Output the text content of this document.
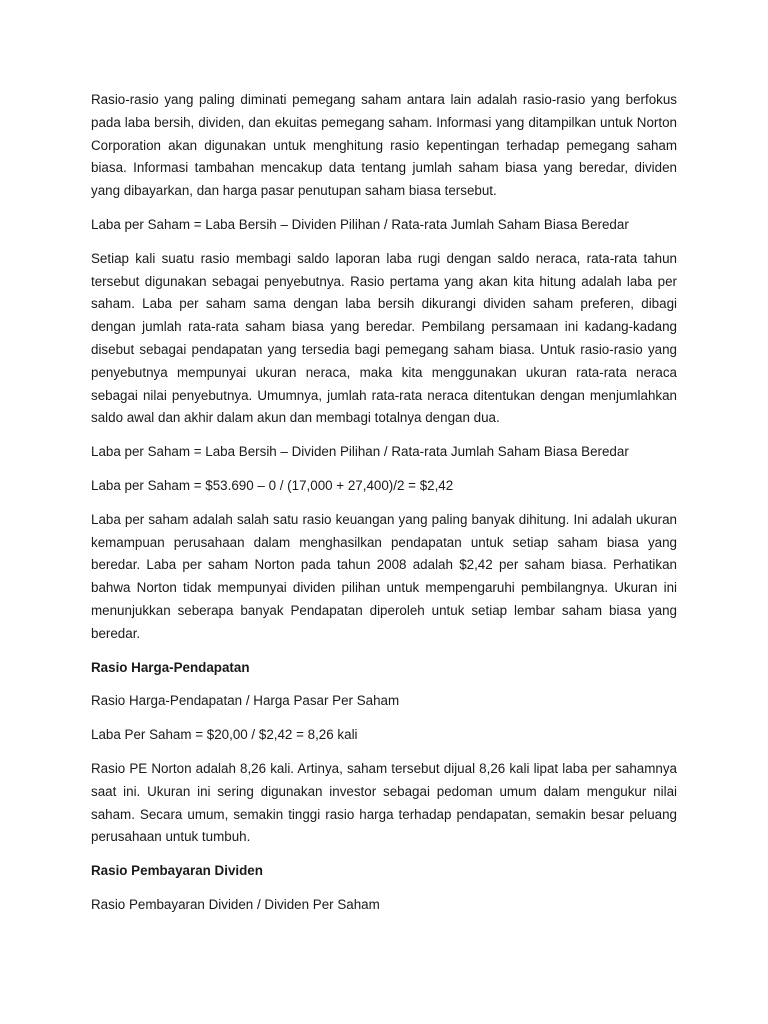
Rasio-rasio yang paling diminati pemegang saham antara lain adalah rasio-rasio yang berfokus pada laba bersih, dividen, dan ekuitas pemegang saham. Informasi yang ditampilkan untuk Norton Corporation akan digunakan untuk menghitung rasio kepentingan terhadap pemegang saham biasa. Informasi tambahan mencakup data tentang jumlah saham biasa yang beredar, dividen yang dibayarkan, dan harga pasar penutupan saham biasa tersebut.

Laba per Saham = Laba Bersih – Dividen Pilihan / Rata-rata Jumlah Saham Biasa Beredar

Setiap kali suatu rasio membagi saldo laporan laba rugi dengan saldo neraca, rata-rata tahun tersebut digunakan sebagai penyebutnya. Rasio pertama yang akan kita hitung adalah laba per saham. Laba per saham sama dengan laba bersih dikurangi dividen saham preferen, dibagi dengan jumlah rata-rata saham biasa yang beredar. Pembilang persamaan ini kadang-kadang disebut sebagai pendapatan yang tersedia bagi pemegang saham biasa. Untuk rasio-rasio yang penyebutnya mempunyai ukuran neraca, maka kita menggunakan ukuran rata-rata neraca sebagai nilai penyebutnya. Umumnya, jumlah rata-rata neraca ditentukan dengan menjumlahkan saldo awal dan akhir dalam akun dan membagi totalnya dengan dua.

Laba per Saham = Laba Bersih – Dividen Pilihan / Rata-rata Jumlah Saham Biasa Beredar

Laba per Saham = $53.690 – 0 / (17,000 + 27,400)/2 = $2,42

Laba per saham adalah salah satu rasio keuangan yang paling banyak dihitung. Ini adalah ukuran kemampuan perusahaan dalam menghasilkan pendapatan untuk setiap saham biasa yang beredar. Laba per saham Norton pada tahun 2008 adalah $2,42 per saham biasa. Perhatikan bahwa Norton tidak mempunyai dividen pilihan untuk mempengaruhi pembilangnya. Ukuran ini menunjukkan seberapa banyak Pendapatan diperoleh untuk setiap lembar saham biasa yang beredar.

Rasio Harga-Pendapatan

Rasio Harga-Pendapatan / Harga Pasar Per Saham

Laba Per Saham = $20,00 / $2,42 = 8,26 kali

Rasio PE Norton adalah 8,26 kali. Artinya, saham tersebut dijual 8,26 kali lipat laba per sahamnya saat ini. Ukuran ini sering digunakan investor sebagai pedoman umum dalam mengukur nilai saham. Secara umum, semakin tinggi rasio harga terhadap pendapatan, semakin besar peluang perusahaan untuk tumbuh.

Rasio Pembayaran Dividen

Rasio Pembayaran Dividen / Dividen Per Saham
